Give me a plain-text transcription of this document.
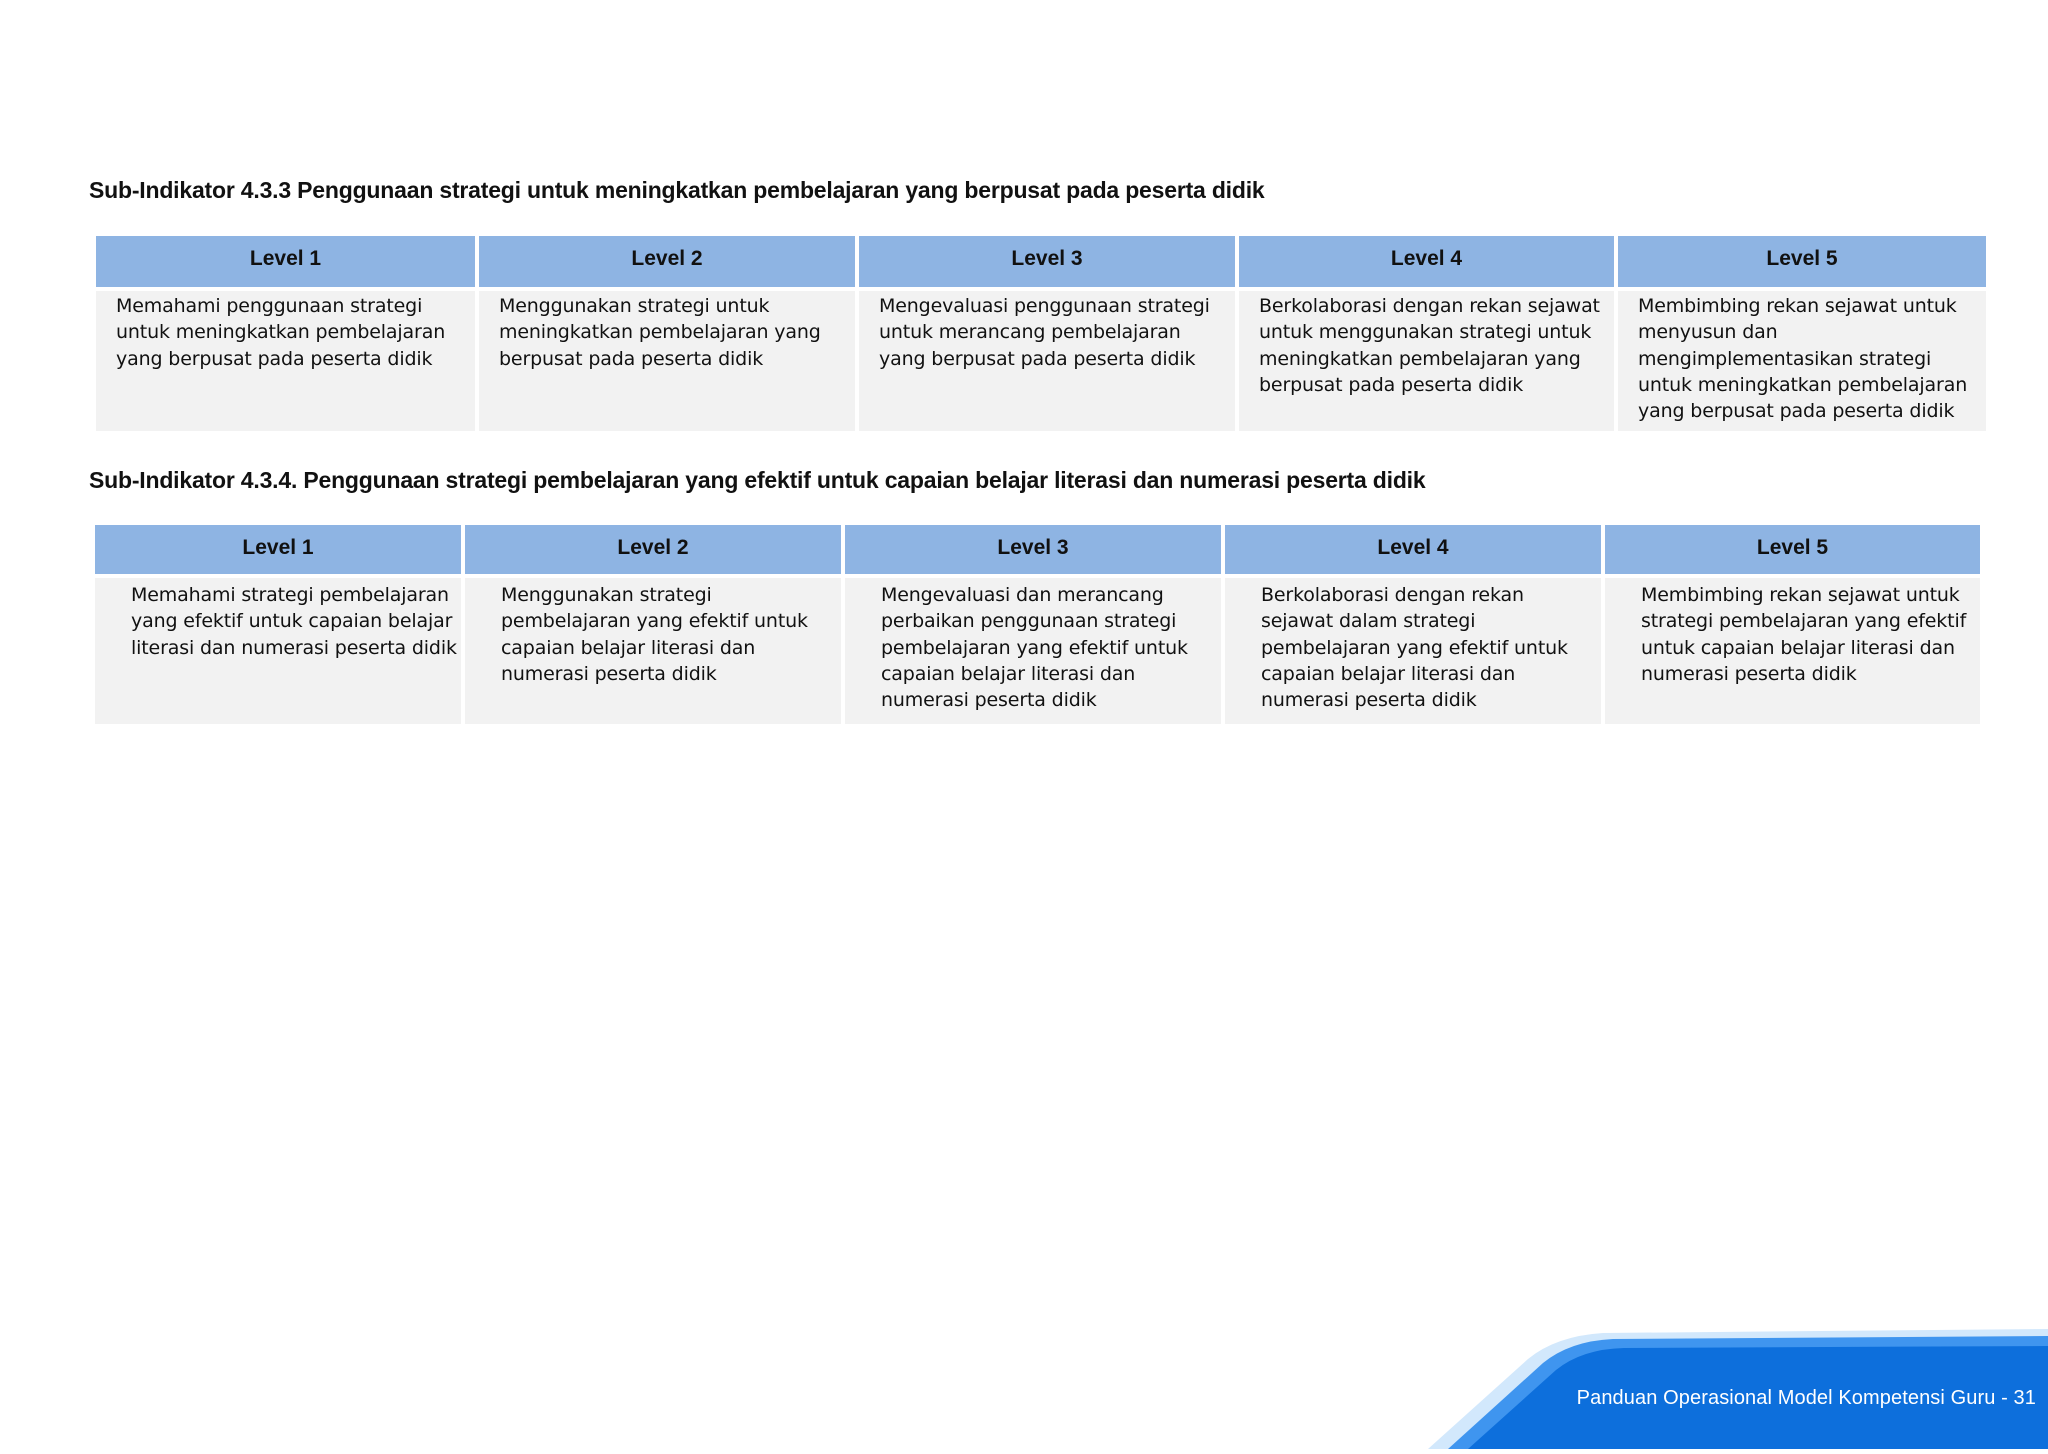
Sub-Indikator 4.3.3 Penggunaan strategi untuk meningkatkan pembelajaran yang berpusat pada peserta didik
Level 1	Level 2	Level 3	Level 4	Level 5
Memahami penggunaan strategi untuk meningkatkan pembelajaran yang berpusat pada peserta didik	Menggunakan strategi untuk meningkatkan pembelajaran yang berpusat pada peserta didik	Mengevaluasi penggunaan strategi untuk merancang pembelajaran yang berpusat pada peserta didik	Berkolaborasi dengan rekan sejawat untuk menggunakan strategi untuk meningkatkan pembelajaran yang berpusat pada peserta didik	Membimbing rekan sejawat untuk menyusun dan mengimplementasikan strategi untuk meningkatkan pembelajaran yang berpusat pada peserta didik
Sub-Indikator 4.3.4. Penggunaan strategi pembelajaran yang efektif untuk capaian belajar literasi dan numerasi peserta didik
Level 1	Level 2	Level 3	Level 4	Level 5
Memahami strategi pembelajaran yang efektif untuk capaian belajar literasi dan numerasi peserta didik	Menggunakan strategi pembelajaran yang efektif untuk capaian belajar literasi dan numerasi peserta didik	Mengevaluasi dan merancang perbaikan penggunaan strategi pembelajaran yang efektif untuk capaian belajar literasi dan numerasi peserta didik	Berkolaborasi dengan rekan sejawat dalam strategi pembelajaran yang efektif untuk capaian belajar literasi dan numerasi peserta didik	Membimbing rekan sejawat untuk strategi pembelajaran yang efektif untuk capaian belajar literasi dan numerasi peserta didik
Panduan Operasional Model Kompetensi Guru - 31
